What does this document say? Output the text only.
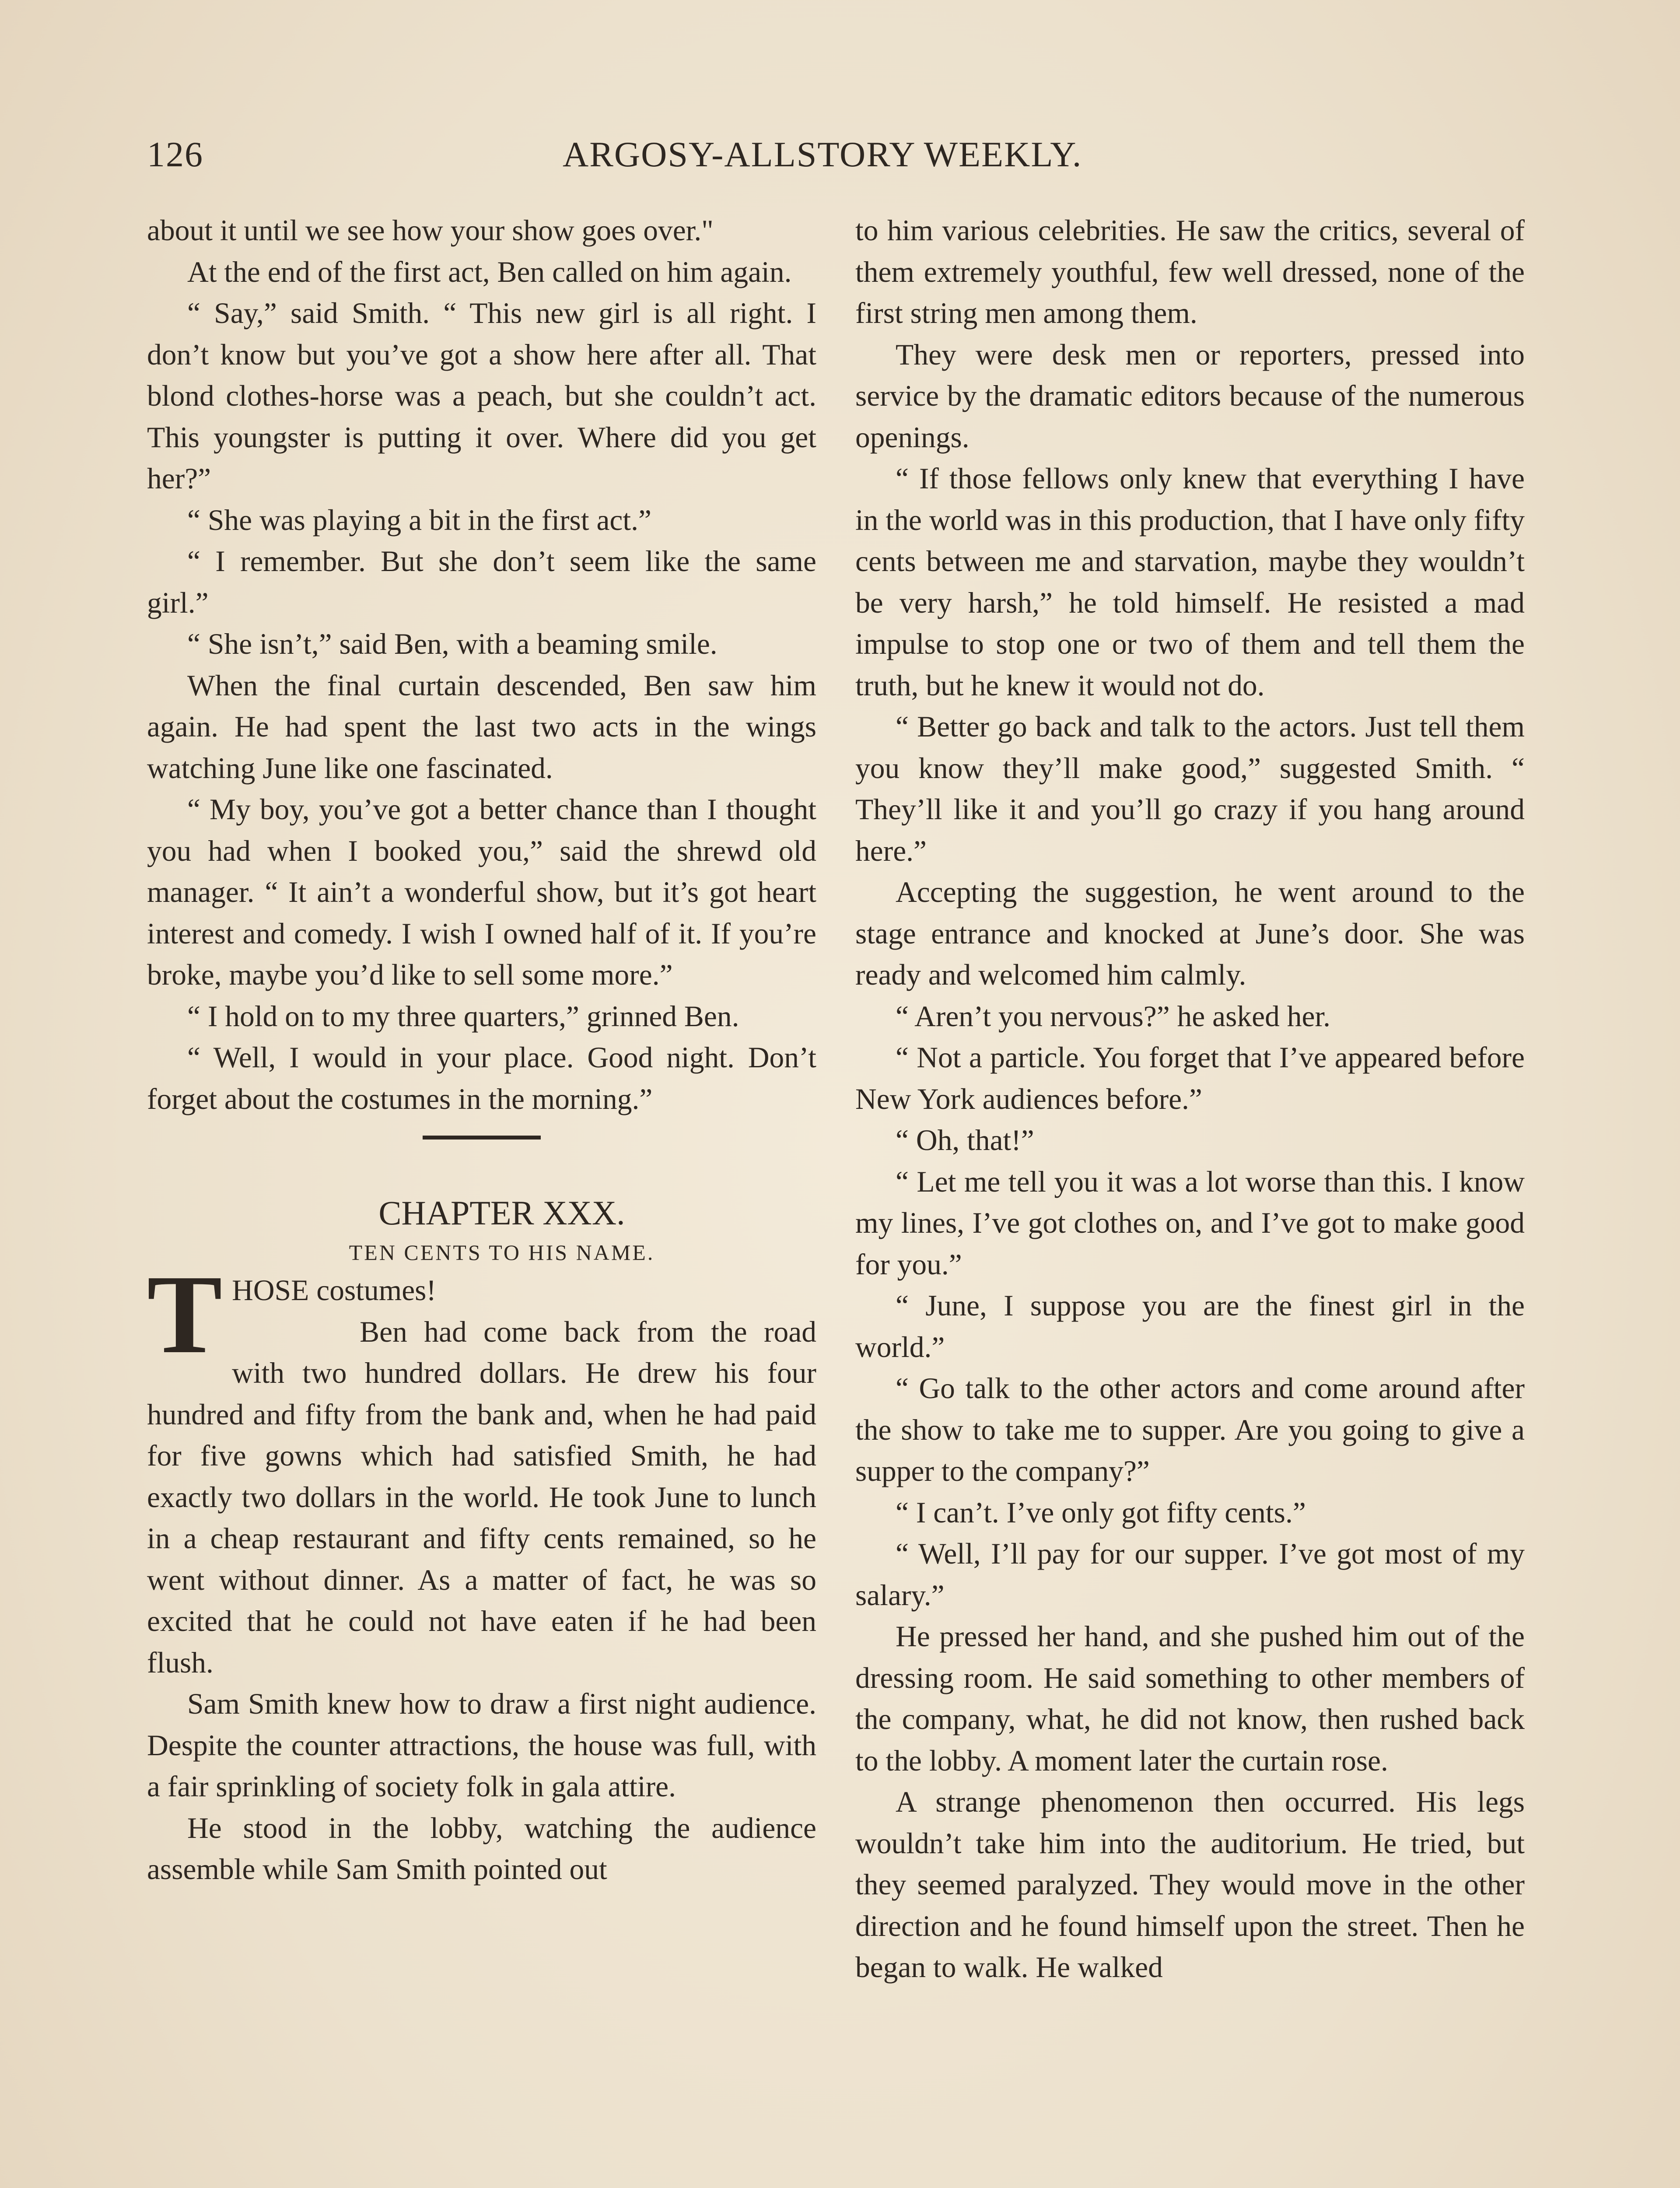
126	ARGOSY-ALLSTORY WEEKLY.

about it until we see how your show goes over."

At the end of the first act, Ben called on him again.

“ Say,” said Smith. “ This new girl is all right. I don’t know but you’ve got a show here after all. That blond clothes-horse was a peach, but she couldn’t act. This youngster is putting it over. Where did you get her?”

“ She was playing a bit in the first act.”

“ I remember. But she don’t seem like the same girl.”

“ She isn’t,” said Ben, with a beaming smile.

When the final curtain descended, Ben saw him again. He had spent the last two acts in the wings watching June like one fascinated.

“ My boy, you’ve got a better chance than I thought you had when I booked you,” said the shrewd old manager. “ It ain’t a wonderful show, but it’s got heart interest and comedy. I wish I owned half of it. If you’re broke, maybe you’d like to sell some more.”

“ I hold on to my three quarters,” grinned Ben.

“ Well, I would in your place. Good night. Don’t forget about the costumes in the morning.”

CHAPTER XXX.

TEN CENTS TO HIS NAME.

THOSE costumes!

Ben had come back from the road with two hundred dollars. He drew his four hundred and fifty from the bank and, when he had paid for five gowns which had satisfied Smith, he had exactly two dollars in the world. He took June to lunch in a cheap restaurant and fifty cents remained, so he went without dinner. As a matter of fact, he was so excited that he could not have eaten if he had been flush.

Sam Smith knew how to draw a first night audience. Despite the counter attractions, the house was full, with a fair sprinkling of society folk in gala attire.

He stood in the lobby, watching the audience assemble while Sam Smith pointed out

to him various celebrities. He saw the critics, several of them extremely youthful, few well dressed, none of the first string men among them.

They were desk men or reporters, pressed into service by the dramatic editors because of the numerous openings.

“ If those fellows only knew that everything I have in the world was in this production, that I have only fifty cents between me and starvation, maybe they wouldn’t be very harsh,” he told himself. He resisted a mad impulse to stop one or two of them and tell them the truth, but he knew it would not do.

“ Better go back and talk to the actors. Just tell them you know they’ll make good,” suggested Smith. “ They’ll like it and you’ll go crazy if you hang around here.”

Accepting the suggestion, he went around to the stage entrance and knocked at June’s door. She was ready and welcomed him calmly.

“ Aren’t you nervous?” he asked her.

“ Not a particle. You forget that I’ve appeared before New York audiences before.”

“ Oh, that!”

“ Let me tell you it was a lot worse than this. I know my lines, I’ve got clothes on, and I’ve got to make good for you.”

“ June, I suppose you are the finest girl in the world.”

“ Go talk to the other actors and come around after the show to take me to supper. Are you going to give a supper to the company?”

“ I can’t. I’ve only got fifty cents.”

“ Well, I’ll pay for our supper. I’ve got most of my salary.”

He pressed her hand, and she pushed him out of the dressing room. He said something to other members of the company, what, he did not know, then rushed back to the lobby. A moment later the curtain rose.

A strange phenomenon then occurred. His legs wouldn’t take him into the auditorium. He tried, but they seemed paralyzed. They would move in the other direction and he found himself upon the street. Then he began to walk. He walked
